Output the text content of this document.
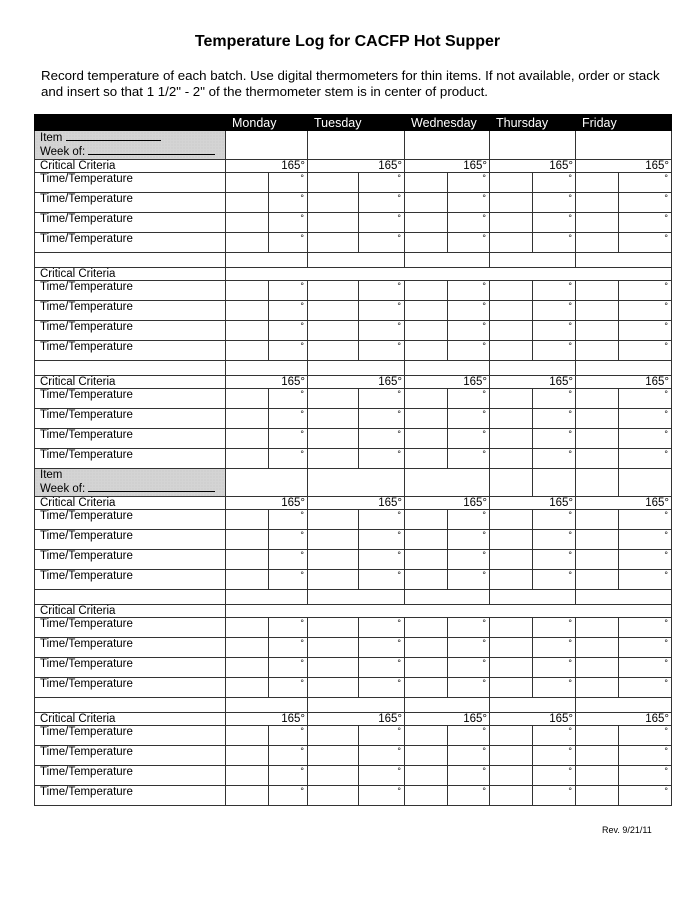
Temperature Log for CACFP Hot Supper
Record temperature of each batch. Use digital thermometers for thin items. If not available, order or stack and insert so that 1 1/2" - 2" of the thermometer stem is in center of product.
	Monday		Tuesday		Wednesday		Thursday		Friday	
Item
Week of:										
Critical Criteria	165°		165°		165°		165°		165°	
Time/Temperature		°		°		°		°		°
Time/Temperature		°		°		°		°		°
Time/Temperature		°		°		°		°		°
Time/Temperature		°		°		°		°		°

Critical Criteria										
Time/Temperature		°		°		°		°		°
Time/Temperature		°		°		°		°		°
Time/Temperature		°		°		°		°		°
Time/Temperature		°		°		°		°		°

Critical Criteria	165°		165°		165°		165°		165°	
Time/Temperature		°		°		°		°		°
Time/Temperature		°		°		°		°		°
Time/Temperature		°		°		°		°		°
Time/Temperature		°		°		°		°		°
Item
Week of:										
Critical Criteria	165°		165°		165°		165°		165°	
Time/Temperature		°		°		°		°		°
Time/Temperature		°		°		°		°		°
Time/Temperature		°		°		°		°		°
Time/Temperature		°		°		°		°		°

Critical Criteria										
Time/Temperature		°		°		°		°		°
Time/Temperature		°		°		°		°		°
Time/Temperature		°		°		°		°		°
Time/Temperature		°		°		°		°		°

Critical Criteria	165°		165°		165°		165°		165°	
Time/Temperature		°		°		°		°		°
Time/Temperature		°		°		°		°		°
Time/Temperature		°		°		°		°		°
Time/Temperature		°		°		°		°		°
Rev. 9/21/11
